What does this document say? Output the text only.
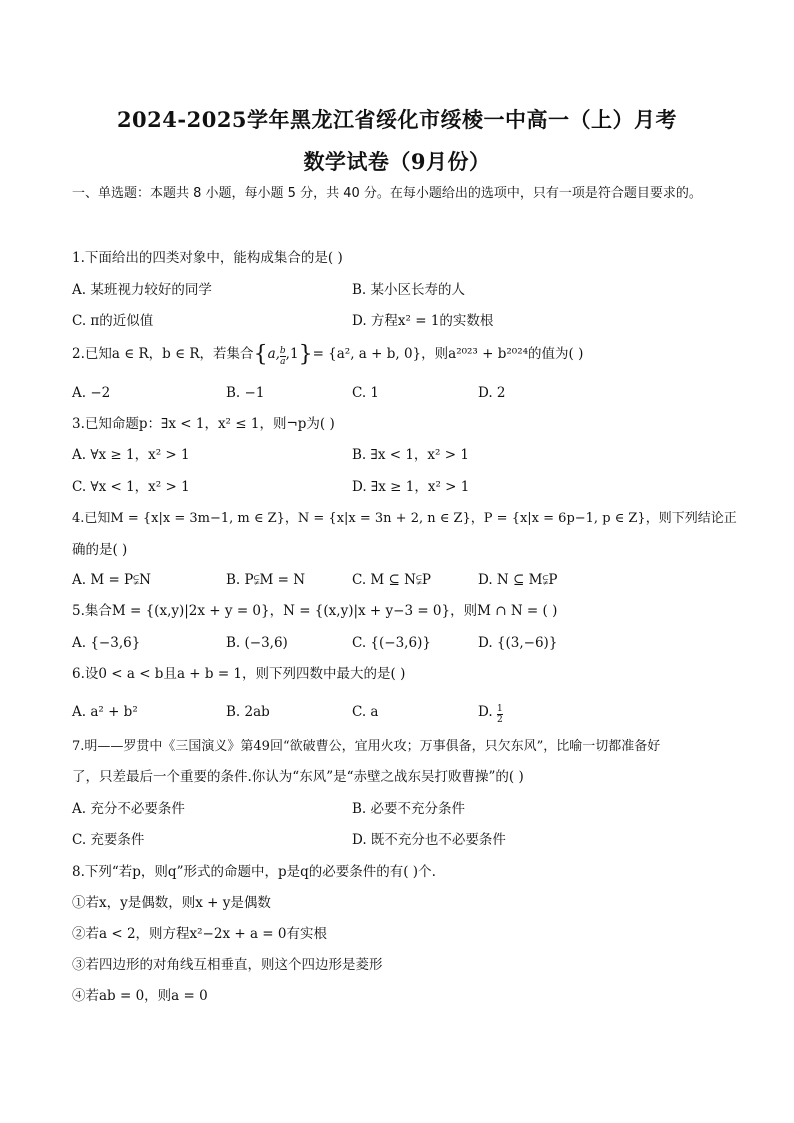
2024-2025学年黑龙江省绥化市绥棱一中高一（上）月考
数学试卷（9月份）
一、单选题：本题共 8 小题，每小题 5 分，共 40 分。在每小题给出的选项中，只有一项是符合题目要求的。
1.下面给出的四类对象中，能构成集合的是( )
A. 某班视力较好的同学	B. 某小区长寿的人
C. π的近似值	D. 方程x² = 1的实数根
2.已知a ∈ R，b ∈ R，若集合{a, $\frac{b}{a} ,1\}= \{a^2$, a + b, 0}，则a²⁰²³ + b²⁰²⁴的值为( )
A. −2	B. −1	C. 1	D. 2
3.已知命题p：∃x < 1，x² ≤ 1，则¬p为( )
A. ∀x ≥ 1，x² > 1	B. ∃x < 1，x² > 1
C. ∀x < 1，x² > 1	D. ∃x ≥ 1，x² > 1
4.已知M = {x|x = 3m−1, m ∈ Z}，N = {x|x = 3n + 2, n ∈ Z}，P = {x|x = 6p−1, p ∈ Z}，则下列结论正
确的是( )
A. M = P⫋N	B. P⫋M = N	C. M ⊆ N⫋P	D. N ⊆ M⫋P
5.集合M = {(x,y)|2x + y = 0}，N = {(x,y)|x + y−3 = 0}，则M ∩ N = ( )
A. {−3,6}	B. (−3,6)	C. {(−3,6)}	D. {(3,−6)}
6.设0 < a < b且a + b = 1，则下列四数中最大的是( )
A. a² + b²	B. 2ab	C. a	D. $\frac{1}{2}$
7.明——罗贯中《三国演义》第49回“欲破曹公，宜用火攻；万事俱备，只欠东风”，比喻一切都准备好
了，只差最后一个重要的条件.你认为“东风”是“赤壁之战东吴打败曹操”的( )
A. 充分不必要条件	B. 必要不充分条件
C. 充要条件	D. 既不充分也不必要条件
8.下列“若p，则q”形式的命题中，p是q的必要条件的有( )个.
①若x，y是偶数，则x + y是偶数
②若a < 2，则方程x²−2x + a = 0有实根
③若四边形的对角线互相垂直，则这个四边形是菱形
④若ab = 0，则a = 0
